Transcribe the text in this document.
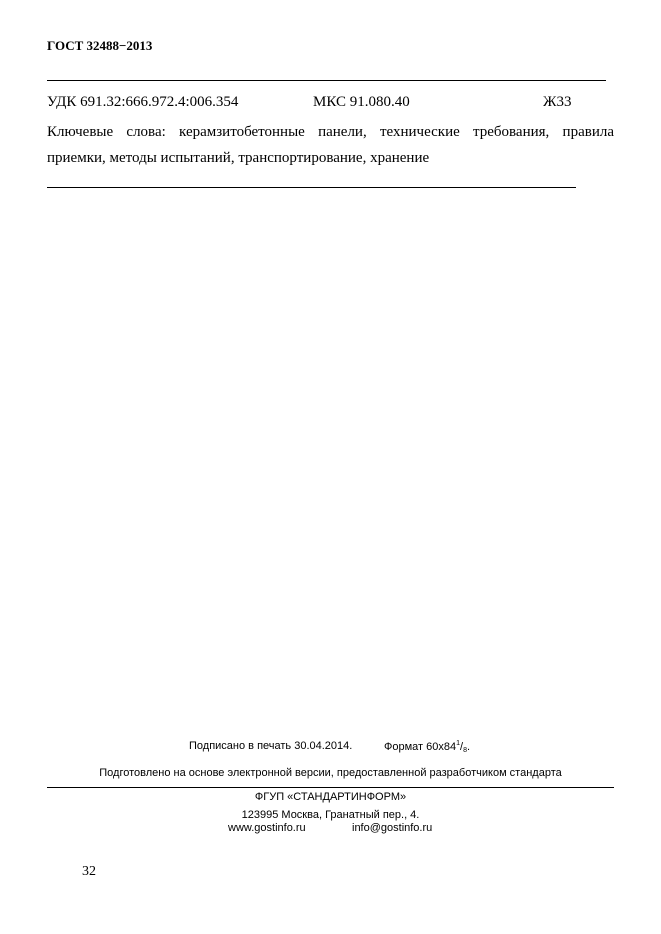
ГОСТ 32488−2013
УДК 691.32:666.972.4:006.354	МКС 91.080.40	Ж33
Ключевые слова: керамзитобетонные панели, технические требования, правила
приемки, методы испытаний, транспортирование, хранение
Подписано в печать 30.04.2014.	Формат $60x84^1/_8$.
Подготовлено на основе электронной версии, предоставленной разработчиком стандарта
ФГУП «СТАНДАРТИНФОРМ»
123995 Москва, Гранатный пер., 4.
www.gostinfo.ru	info@gostinfo.ru
32
